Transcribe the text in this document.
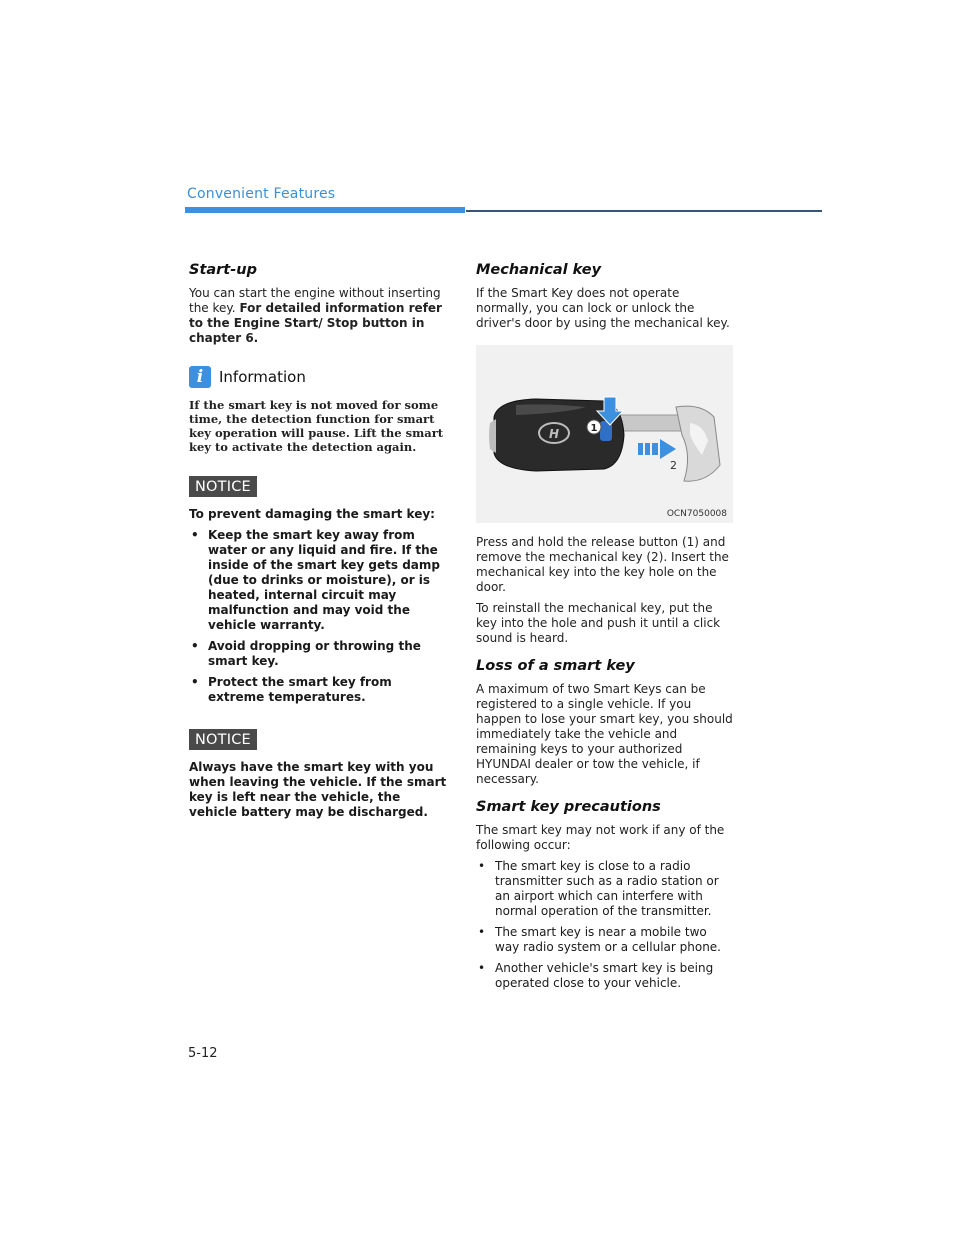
Convenient Features
Start-up

You can start the engine without inserting the key. For detailed information refer to the Engine Start/ Stop button in chapter 6.

i	Information

If the smart key is not moved for some time, the detection function for smart key operation will pause. Lift the smart key to activate the detection again.

NOTICE

To prevent damaging the smart key:

• Keep the smart key away from water or any liquid and fire. If the inside of the smart key gets damp (due to drinks or moisture), or is heated, internal circuit may malfunction and may void the vehicle warranty.
• Avoid dropping or throwing the smart key.
• Protect the smart key from extreme temperatures.
NOTICE

Always have the smart key with you when leaving the vehicle. If the smart key is left near the vehicle, the vehicle battery may be discharged.

Mechanical key

If the Smart Key does not operate normally, you can lock or unlock the driver's door by using the mechanical key.

H	1
2
OCN7050008

Press and hold the release button (1) and remove the mechanical key (2). Insert the mechanical key into the key hole on the door.

To reinstall the mechanical key, put the key into the hole and push it until a click sound is heard.

Loss of a smart key

A maximum of two Smart Keys can be registered to a single vehicle. If you happen to lose your smart key, you should immediately take the vehicle and remaining keys to your authorized HYUNDAI dealer or tow the vehicle, if necessary.

Smart key precautions

The smart key may not work if any of the following occur:

• The smart key is close to a radio transmitter such as a radio station or an airport which can interfere with normal operation of the transmitter.
• The smart key is near a mobile two way radio system or a cellular phone.
• Another vehicle's smart key is being operated close to your vehicle.
5-12
